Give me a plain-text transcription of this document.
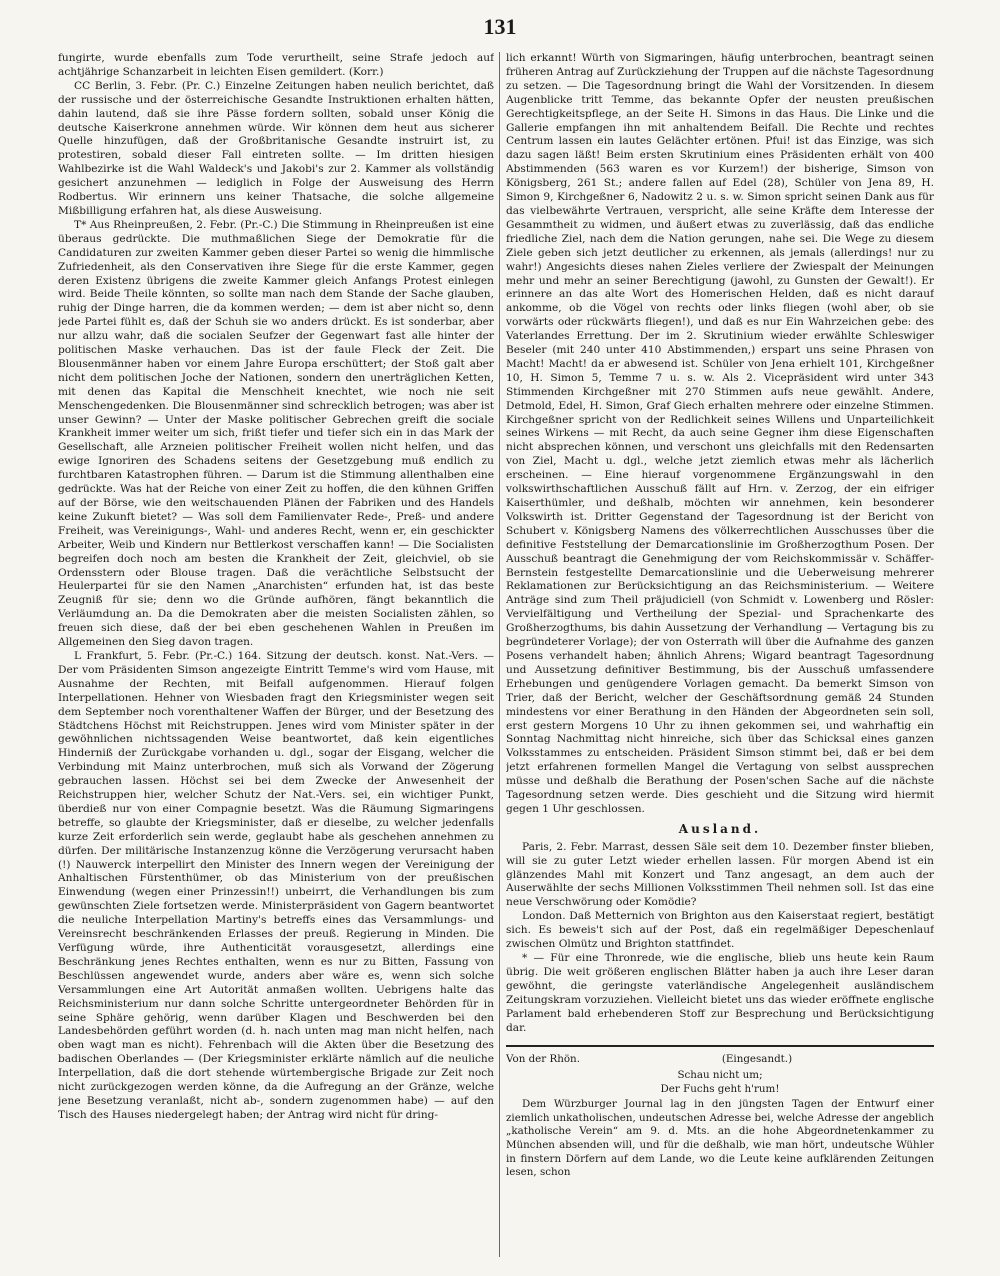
131

fungirte, wurde ebenfalls zum Tode verurtheilt, seine Strafe jedoch auf achtjährige Schanzarbeit in leichten Eisen gemildert. (Korr.)

CC Berlin, 3. Febr. (Pr. C.) Einzelne Zeitungen haben neulich berichtet, daß der russische und der österreichische Gesandte Instruktionen erhalten hätten, dahin lautend, daß sie ihre Pässe fordern sollten, sobald unser König die deutsche Kaiserkrone annehmen würde. Wir können dem heut aus sicherer Quelle hinzufügen, daß der Großbritanische Gesandte instruirt ist, zu protestiren, sobald dieser Fall eintreten sollte. — Im dritten hiesigen Wahlbezirke ist die Wahl Waldeck's und Jakobi's zur 2. Kammer als vollständig gesichert anzunehmen — lediglich in Folge der Ausweisung des Herrn Rodbertus. Wir erinnern uns keiner Thatsache, die solche allgemeine Mißbilligung erfahren hat, als diese Ausweisung.

T* Aus Rheinpreußen, 2. Febr. (Pr.-C.) Die Stimmung in Rheinpreußen ist eine überaus gedrückte. Die muthmaßlichen Siege der Demokratie für die Candidaturen zur zweiten Kammer geben dieser Partei so wenig die himmlische Zufriedenheit, als den Conservativen ihre Siege für die erste Kammer, gegen deren Existenz übrigens die zweite Kammer gleich Anfangs Protest einlegen wird. Beide Theile könnten, so sollte man nach dem Stande der Sache glauben, ruhig der Dinge harren, die da kommen werden; — dem ist aber nicht so, denn jede Partei fühlt es, daß der Schuh sie wo anders drückt. Es ist sonderbar, aber nur allzu wahr, daß die socialen Seufzer der Gegenwart fast alle hinter der politischen Maske verhauchen. Das ist der faule Fleck der Zeit. Die Blousenmänner haben vor einem Jahre Europa erschüttert; der Stoß galt aber nicht dem politischen Joche der Nationen, sondern den unerträglichen Ketten, mit denen das Kapital die Menschheit knechtet, wie noch nie seit Menschengedenken. Die Blousenmänner sind schrecklich betrogen; was aber ist unser Gewinn? — Unter der Maske politischer Gebrechen greift die sociale Krankheit immer weiter um sich, frißt tiefer und tiefer sich ein in das Mark der Gesellschaft, alle Arzneien politischer Freiheit wollen nicht helfen, und das ewige Ignoriren des Schadens seitens der Gesetzgebung muß endlich zu furchtbaren Katastrophen führen. — Darum ist die Stimmung allenthalben eine gedrückte. Was hat der Reiche von einer Zeit zu hoffen, die den kühnen Griffen auf der Börse, wie den weitschauenden Plänen der Fabriken und des Handels keine Zukunft bietet? — Was soll dem Familienvater Rede-, Preß- und andere Freiheit, was Vereinigungs-, Wahl- und anderes Recht, wenn er, ein geschickter Arbeiter, Weib und Kindern nur Bettlerkost verschaffen kann! — Die Socialisten begreifen doch noch am besten die Krankheit der Zeit, gleichviel, ob sie Ordensstern oder Blouse tragen. Daß die verächtliche Selbstsucht der Heulerpartei für sie den Namen „Anarchisten“ erfunden hat, ist das beste Zeugniß für sie; denn wo die Gründe aufhören, fängt bekanntlich die Verläumdung an. Da die Demokraten aber die meisten Socialisten zählen, so freuen sich diese, daß der bei eben geschehenen Wahlen in Preußen im Allgemeinen den Sieg davon tragen.

L Frankfurt, 5. Febr. (Pr.-C.) 164. Sitzung der deutsch. konst. Nat.-Vers. — Der vom Präsidenten Simson angezeigte Eintritt Temme's wird vom Hause, mit Ausnahme der Rechten, mit Beifall aufgenommen. Hierauf folgen Interpellationen. Hehner von Wiesbaden fragt den Kriegsminister wegen seit dem September noch vorenthaltener Waffen der Bürger, und der Besetzung des Städtchens Höchst mit Reichstruppen. Jenes wird vom Minister später in der gewöhnlichen nichtssagenden Weise beantwortet, daß kein eigentliches Hinderniß der Zurückgabe vorhanden u. dgl., sogar der Eisgang, welcher die Verbindung mit Mainz unterbrochen, muß sich als Vorwand der Zögerung gebrauchen lassen. Höchst sei bei dem Zwecke der Anwesenheit der Reichstruppen hier, welcher Schutz der Nat.-Vers. sei, ein wichtiger Punkt, überdieß nur von einer Compagnie besetzt. Was die Räumung Sigmaringens betreffe, so glaubte der Kriegsminister, daß er dieselbe, zu welcher jedenfalls kurze Zeit erforderlich sein werde, geglaubt habe als geschehen annehmen zu dürfen. Der militärische Instanzenzug könne die Verzögerung verursacht haben (!) Nauwerck interpellirt den Minister des Innern wegen der Vereinigung der Anhaltischen Fürstenthümer, ob das Ministerium von der preußischen Einwendung (wegen einer Prinzessin!!) unbeirrt, die Verhandlungen bis zum gewünschten Ziele fortsetzen werde. Ministerpräsident von Gagern beantwortet die neuliche Interpellation Martiny's betreffs eines das Versammlungs- und Vereinsrecht beschränkenden Erlasses der preuß. Regierung in Minden. Die Verfügung würde, ihre Authenticität vorausgesetzt, allerdings eine Beschränkung jenes Rechtes enthalten, wenn es nur zu Bitten, Fassung von Beschlüssen angewendet wurde, anders aber wäre es, wenn sich solche Versammlungen eine Art Autorität anmaßen wollten. Uebrigens halte das Reichsministerium nur dann solche Schritte untergeordneter Behörden für in seine Sphäre gehörig, wenn darüber Klagen und Beschwerden bei den Landesbehörden geführt worden (d. h. nach unten mag man nicht helfen, nach oben wagt man es nicht). Fehrenbach will die Akten über die Besetzung des badischen Oberlandes — (Der Kriegsminister erklärte nämlich auf die neuliche Interpellation, daß die dort stehende würtembergische Brigade zur Zeit noch nicht zurückgezogen werden könne, da die Aufregung an der Gränze, welche jene Besetzung veranlaßt, nicht ab-, sondern zugenommen habe) — auf den Tisch des Hauses niedergelegt haben; der Antrag wird nicht für dring-

lich erkannt! Würth von Sigmaringen, häufig unterbrochen, beantragt seinen früheren Antrag auf Zurückziehung der Truppen auf die nächste Tagesordnung zu setzen. — Die Tagesordnung bringt die Wahl der Vorsitzenden. In diesem Augenblicke tritt Temme, das bekannte Opfer der neusten preußischen Gerechtigkeitspflege, an der Seite H. Simons in das Haus. Die Linke und die Gallerie empfangen ihn mit anhaltendem Beifall. Die Rechte und rechtes Centrum lassen ein lautes Gelächter ertönen. Pfui! ist das Einzige, was sich dazu sagen läßt! Beim ersten Skrutinium eines Präsidenten erhält von 400 Abstimmenden (563 waren es vor Kurzem!) der bisherige, Simson von Königsberg, 261 St.; andere fallen auf Edel (28), Schüler von Jena 89, H. Simon 9, Kirchgeßner 6, Nadowitz 2 u. s. w. Simon spricht seinen Dank aus für das vielbewährte Vertrauen, verspricht, alle seine Kräfte dem Interesse der Gesammtheit zu widmen, und äußert etwas zu zuverlässig, daß das endliche friedliche Ziel, nach dem die Nation gerungen, nahe sei. Die Wege zu diesem Ziele geben sich jetzt deutlicher zu erkennen, als jemals (allerdings! nur zu wahr!) Angesichts dieses nahen Zieles verliere der Zwiespalt der Meinungen mehr und mehr an seiner Berechtigung (jawohl, zu Gunsten der Gewalt!). Er erinnere an das alte Wort des Homerischen Helden, daß es nicht darauf ankomme, ob die Vögel von rechts oder links fliegen (wohl aber, ob sie vorwärts oder rückwärts fliegen!), und daß es nur Ein Wahrzeichen gebe: des Vaterlandes Errettung. Der im 2. Skrutinium wieder erwählte Schleswiger Beseler (mit 240 unter 410 Abstimmenden,) erspart uns seine Phrasen von Macht! Macht! da er abwesend ist. Schüler von Jena erhielt 101, Kirchgeßner 10, H. Simon 5, Temme 7 u. s. w. Als 2. Vicepräsident wird unter 343 Stimmenden Kirchgeßner mit 270 Stimmen aufs neue gewählt. Andere, Detmold, Edel, H. Simon, Graf Giech erhalten mehrere oder einzelne Stimmen. Kirchgeßner spricht von der Redlichkeit seines Willens und Unparteilichkeit seines Wirkens — mit Recht, da auch seine Gegner ihm diese Eigenschaften nicht absprechen können, und verschont uns gleichfalls mit den Redensarten von Ziel, Macht u. dgl., welche jetzt ziemlich etwas mehr als lächerlich erscheinen. — Eine hierauf vorgenommene Ergänzungswahl in den volkswirthschaftlichen Ausschuß fällt auf Hrn. v. Zerzog, der ein eifriger Kaiserthümler, und deßhalb, möchten wir annehmen, kein besonderer Volkswirth ist. Dritter Gegenstand der Tagesordnung ist der Bericht von Schubert v. Königsberg Namens des völkerrechtlichen Ausschusses über die definitive Feststellung der Demarcationslinie im Großherzogthum Posen. Der Ausschuß beantragt die Genehmigung der vom Reichskommissär v. Schäffer-Bernstein festgestellte Demarcationslinie und die Ueberweisung mehrerer Reklamationen zur Berücksichtigung an das Reichsministerium. — Weitere Anträge sind zum Theil präjudiciell (von Schmidt v. Lowenberg und Rösler: Vervielfältigung und Vertheilung der Spezial- und Sprachenkarte des Großherzogthums, bis dahin Aussetzung der Verhandlung — Vertagung bis zu begründeterer Vorlage); der von Osterrath will über die Aufnahme des ganzen Posens verhandelt haben; ähnlich Ahrens; Wigard beantragt Tagesordnung und Aussetzung definitiver Bestimmung, bis der Ausschuß umfassendere Erhebungen und genügendere Vorlagen gemacht. Da bemerkt Simson von Trier, daß der Bericht, welcher der Geschäftsordnung gemäß 24 Stunden mindestens vor einer Berathung in den Händen der Abgeordneten sein soll, erst gestern Morgens 10 Uhr zu ihnen gekommen sei, und wahrhaftig ein Sonntag Nachmittag nicht hinreiche, sich über das Schicksal eines ganzen Volksstammes zu entscheiden. Präsident Simson stimmt bei, daß er bei dem jetzt erfahrenen formellen Mangel die Vertagung von selbst aussprechen müsse und deßhalb die Berathung der Posen'schen Sache auf die nächste Tagesordnung setzen werde. Dies geschieht und die Sitzung wird hiermit gegen 1 Uhr geschlossen.

Ausland.

Paris, 2. Febr. Marrast, dessen Säle seit dem 10. Dezember finster blieben, will sie zu guter Letzt wieder erhellen lassen. Für morgen Abend ist ein glänzendes Mahl mit Konzert und Tanz angesagt, an dem auch der Auserwählte der sechs Millionen Volksstimmen Theil nehmen soll. Ist das eine neue Verschwörung oder Komödie?

London. Daß Metternich von Brighton aus den Kaiserstaat regiert, bestätigt sich. Es beweis't sich auf der Post, daß ein regelmäßiger Depeschenlauf zwischen Olmütz und Brighton stattfindet.

* — Für eine Thronrede, wie die englische, blieb uns heute kein Raum übrig. Die weit größeren englischen Blätter haben ja auch ihre Leser daran gewöhnt, die geringste vaterländische Angelegenheit ausländischem Zeitungskram vorzuziehen. Vielleicht bietet uns das wieder eröffnete englische Parlament bald erhebenderen Stoff zur Besprechung und Berücksichtigung dar.

Von der Rhön.	(Eingesandt.)
Schau nicht um;
Der Fuchs geht h'rum!

Dem Würzburger Journal lag in den jüngsten Tagen der Entwurf einer ziemlich unkatholischen, undeutschen Adresse bei, welche Adresse der angeblich „katholische Verein“ am 9. d. Mts. an die hohe Abgeordnetenkammer zu München absenden will, und für die deßhalb, wie man hört, undeutsche Wühler in finstern Dörfern auf dem Lande, wo die Leute keine aufklärenden Zeitungen lesen, schon
